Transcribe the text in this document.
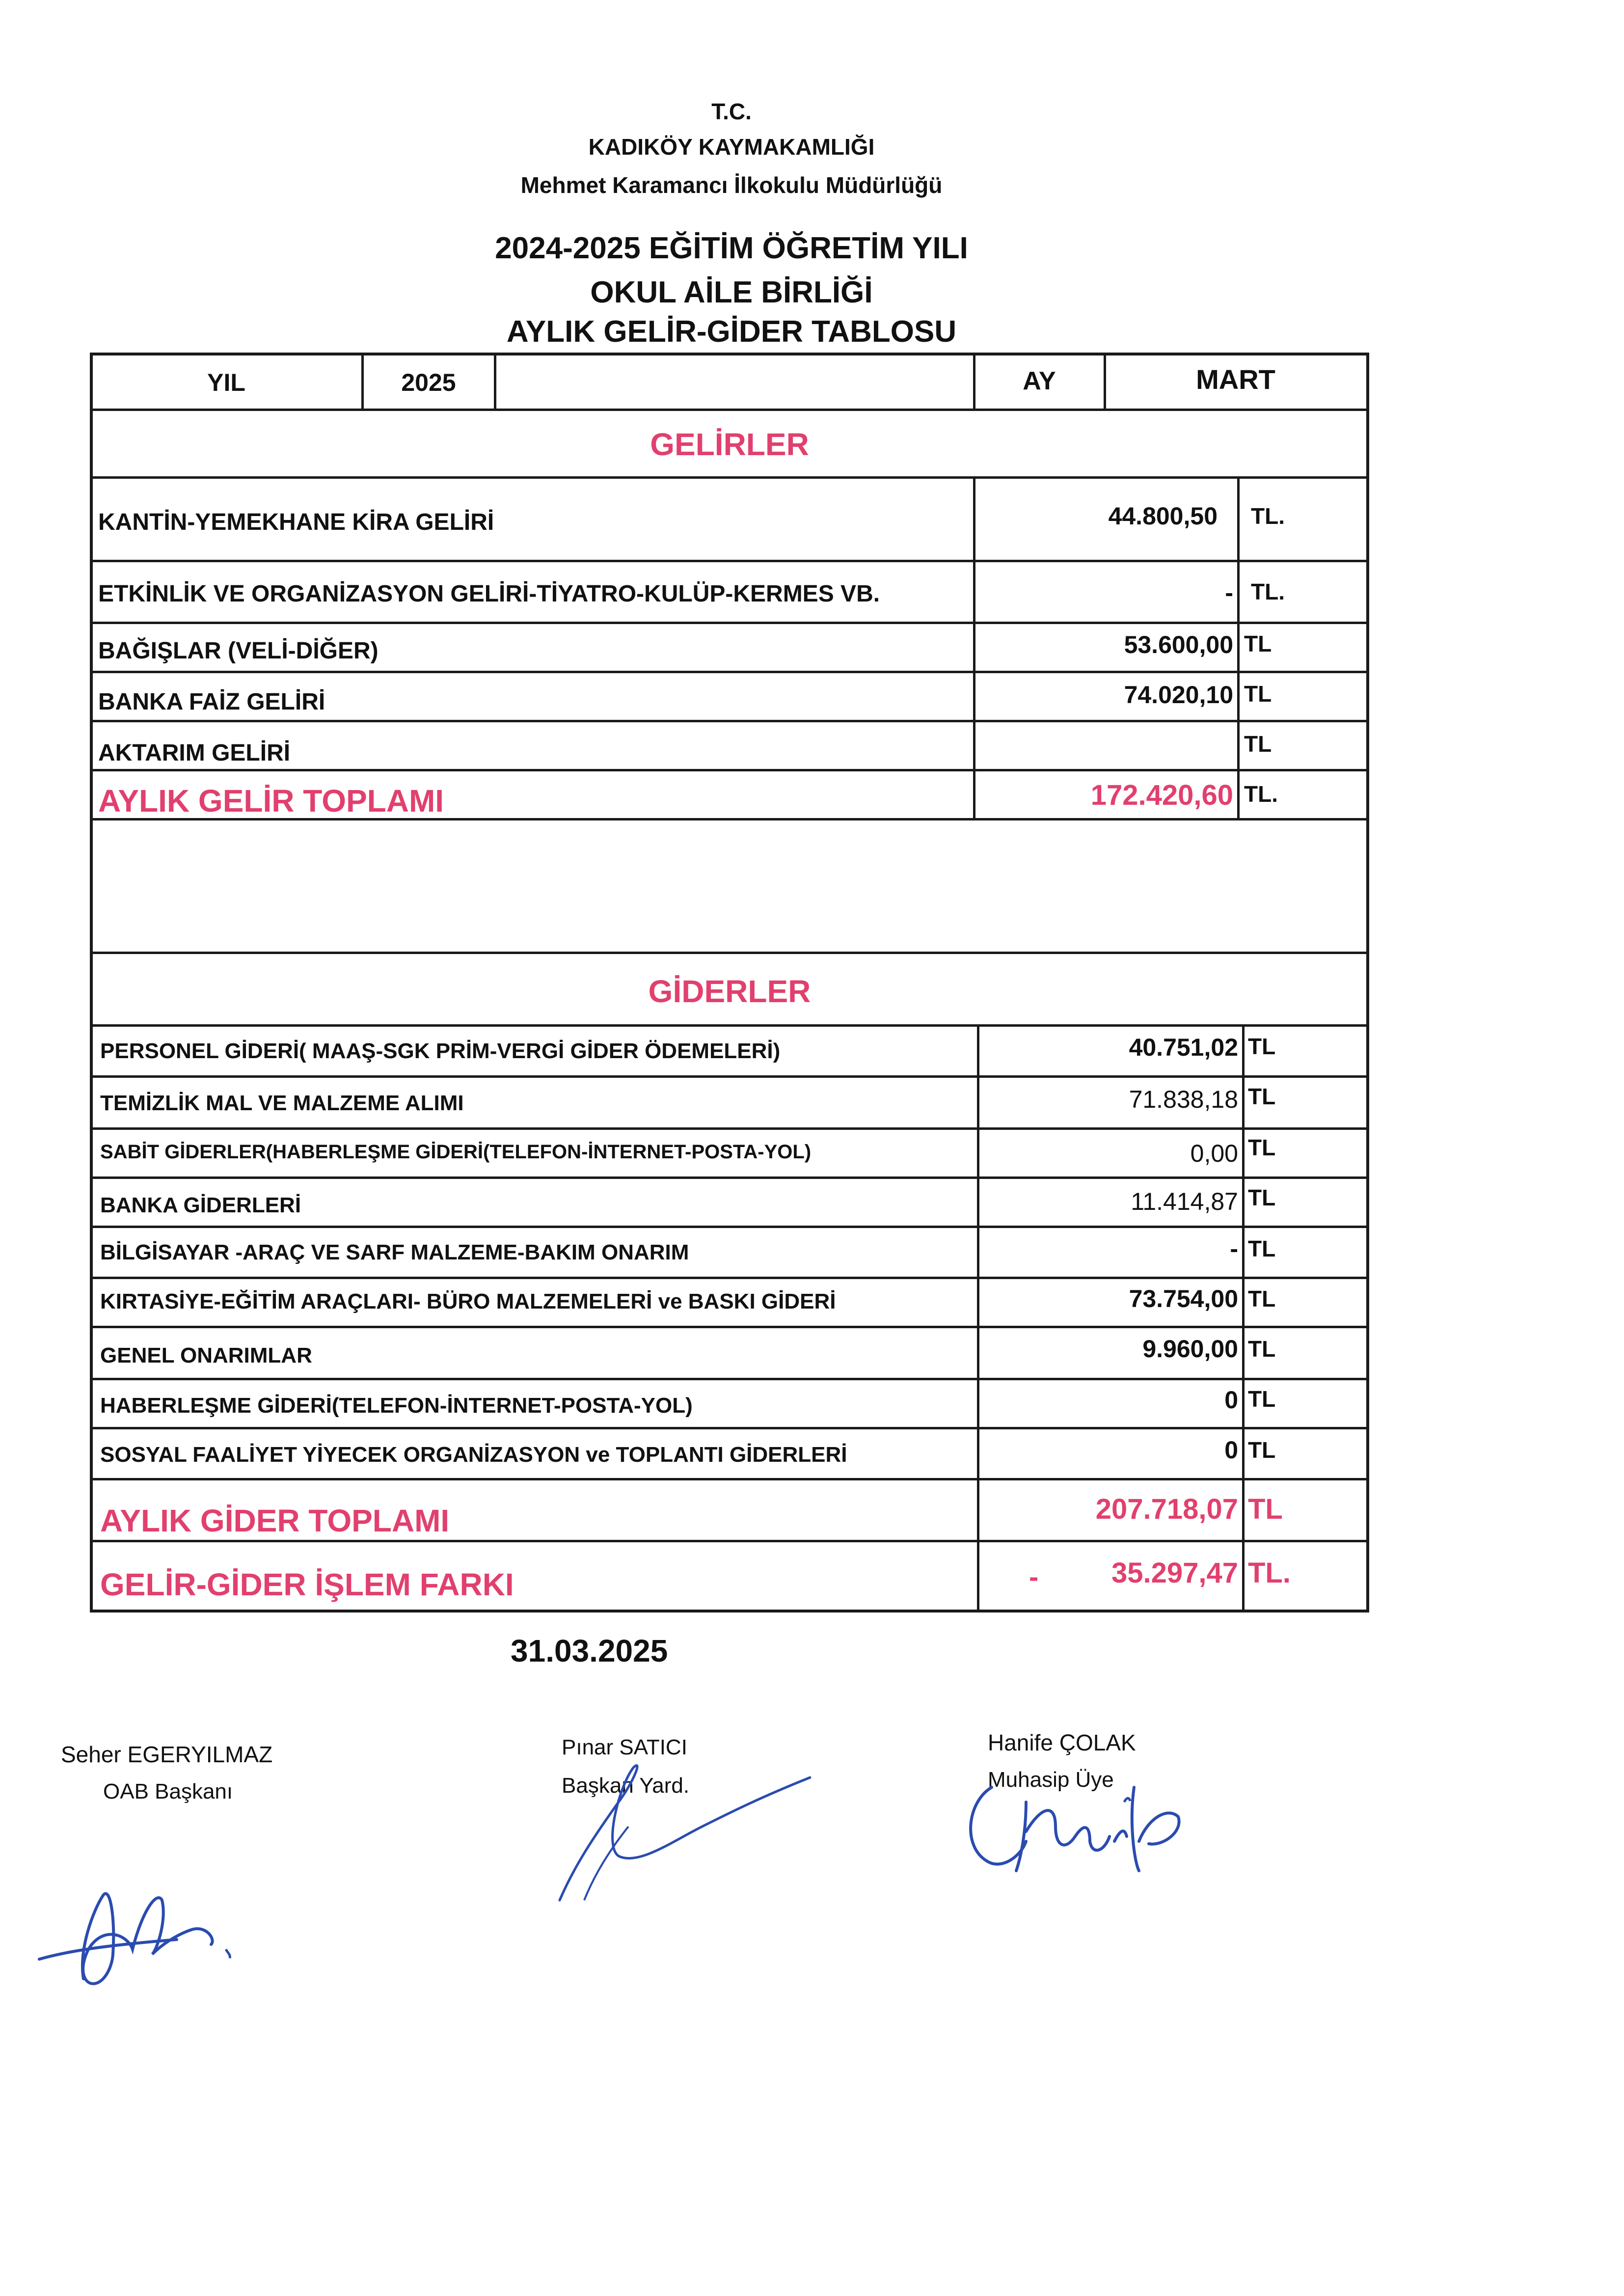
T.C.
KADIKÖY KAYMAKAMLIĞI
Mehmet Karamancı İlkokulu Müdürlüğü
2024-2025 EĞİTİM ÖĞRETİM YILI
OKUL AİLE BİRLİĞİ
AYLIK GELİR-GİDER TABLOSU
YIL	2025	AY	MART
GELİRLER
KANTİN-YEMEKHANE KİRA GELİRİ	44.800,50 TL.
ETKİNLİK VE ORGANİZASYON GELİRİ-TİYATRO-KULÜP-KERMES VB.	- TL.
BAĞIŞLAR (VELİ-DİĞER)	53.600,00 TL
BANKA FAİZ GELİRİ	74.020,10 TL
AKTARIM GELİRİ	TL
AYLIK GELİR TOPLAMI	172.420,60 TL.
GİDERLER
PERSONEL GİDERİ( MAAŞ-SGK PRİM-VERGİ GİDER ÖDEMELERİ)	40.751,02 TL
TEMİZLİK MAL VE MALZEME ALIMI	71.838,18 TL
SABİT GİDERLER(HABERLEŞME GİDERİ(TELEFON-İNTERNET-POSTA-YOL)	0,00 TL
BANKA GİDERLERİ	11.414,87 TL
BİLGİSAYAR -ARAÇ VE SARF MALZEME-BAKIM ONARIM	- TL
KIRTASİYE-EĞİTİM ARAÇLARI- BÜRO MALZEMELERİ ve BASKI GİDERİ	73.754,00 TL
GENEL ONARIMLAR	9.960,00 TL
HABERLEŞME GİDERİ(TELEFON-İNTERNET-POSTA-YOL)	0 TL
SOSYAL FAALİYET YİYECEK ORGANİZASYON ve TOPLANTI GİDERLERİ	0 TL
AYLIK GİDER TOPLAMI	207.718,07 TL
GELİR-GİDER İŞLEM FARKI	-	35.297,47 TL.
31.03.2025
Seher EGERYILMAZ
OAB Başkanı
Pınar SATICI
Başkan Yard.
Hanife ÇOLAK
Muhasip Üye
